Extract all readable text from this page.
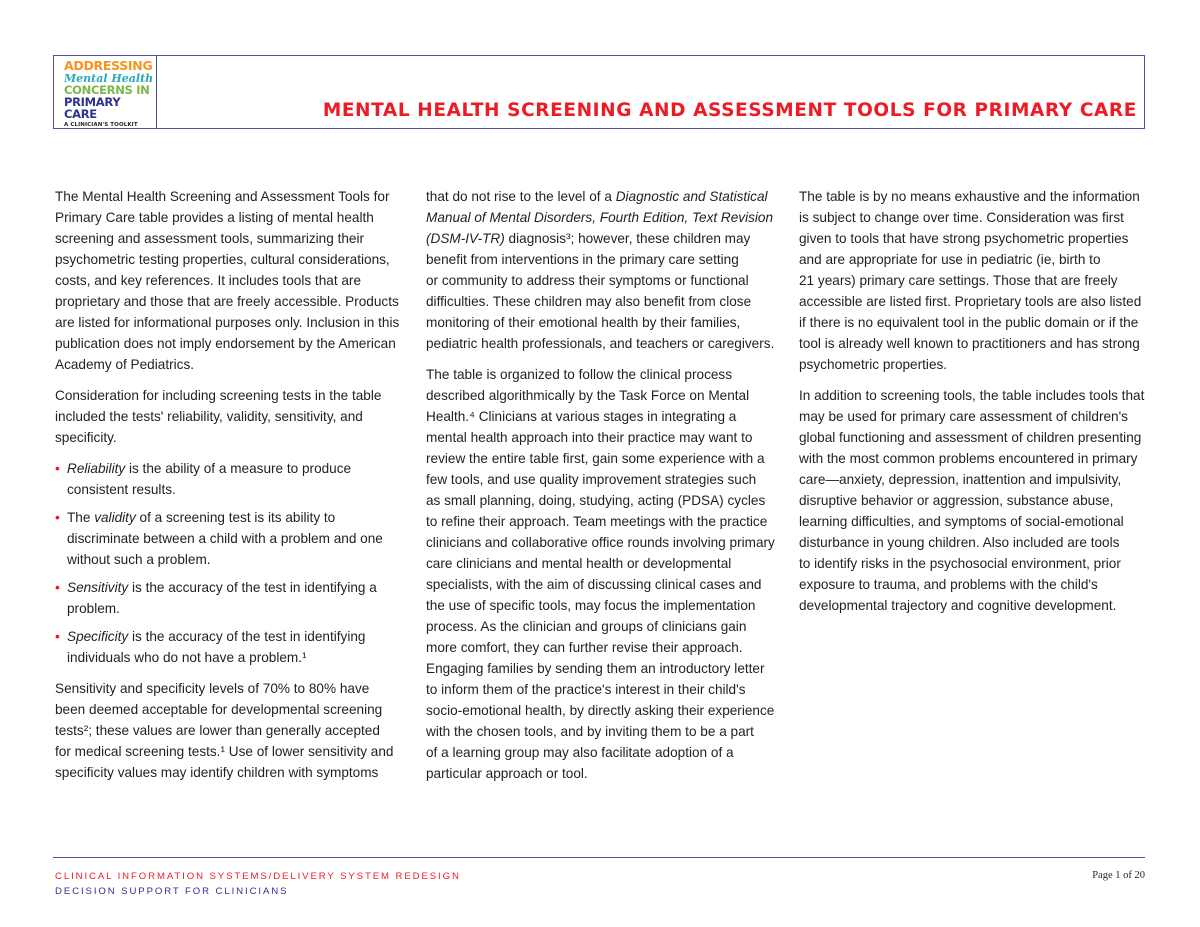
ADDRESSING
Mental Health
CONCERNS IN
PRIMARY CARE
A CLINICIAN'S TOOLKIT
MENTAL HEALTH SCREENING AND ASSESSMENT TOOLS FOR PRIMARY CARE

The Mental Health Screening and Assessment Tools for
Primary Care table provides a listing of mental health
screening and assessment tools, summarizing their
psychometric testing properties, cultural considerations,
costs, and key references. It includes tools that are
proprietary and those that are freely accessible. Products
are listed for informational purposes only. Inclusion in this
publication does not imply endorsement by the American
Academy of Pediatrics.

Consideration for including screening tests in the table
included the tests' reliability, validity, sensitivity, and
specificity.

• Reliability is the ability of a measure to produce
consistent results.
• The validity of a screening test is its ability to
discriminate between a child with a problem and one
without such a problem.
• Sensitivity is the accuracy of the test in identifying a
problem.
• Specificity is the accuracy of the test in identifying
individuals who do not have a problem.¹

Sensitivity and specificity levels of 70% to 80% have
been deemed acceptable for developmental screening
tests²; these values are lower than generally accepted
for medical screening tests.¹ Use of lower sensitivity and
specificity values may identify children with symptoms

that do not rise to the level of a Diagnostic and Statistical
Manual of Mental Disorders, Fourth Edition, Text Revision
(DSM-IV-TR) diagnosis³; however, these children may
benefit from interventions in the primary care setting
or community to address their symptoms or functional
difficulties. These children may also benefit from close
monitoring of their emotional health by their families,
pediatric health professionals, and teachers or caregivers.

The table is organized to follow the clinical process
described algorithmically by the Task Force on Mental
Health.⁴ Clinicians at various stages in integrating a
mental health approach into their practice may want to
review the entire table first, gain some experience with a
few tools, and use quality improvement strategies such
as small planning, doing, studying, acting (PDSA) cycles
to refine their approach. Team meetings with the practice
clinicians and collaborative office rounds involving primary
care clinicians and mental health or developmental
specialists, with the aim of discussing clinical cases and
the use of specific tools, may focus the implementation
process. As the clinician and groups of clinicians gain
more comfort, they can further revise their approach.
Engaging families by sending them an introductory letter
to inform them of the practice's interest in their child's
socio-emotional health, by directly asking their experience
with the chosen tools, and by inviting them to be a part
of a learning group may also facilitate adoption of a
particular approach or tool.

The table is by no means exhaustive and the information
is subject to change over time. Consideration was first
given to tools that have strong psychometric properties
and are appropriate for use in pediatric (ie, birth to
21 years) primary care settings. Those that are freely
accessible are listed first. Proprietary tools are also listed
if there is no equivalent tool in the public domain or if the
tool is already well known to practitioners and has strong
psychometric properties.

In addition to screening tools, the table includes tools that
may be used for primary care assessment of children's
global functioning and assessment of children presenting
with the most common problems encountered in primary
care—anxiety, depression, inattention and impulsivity,
disruptive behavior or aggression, substance abuse,
learning difficulties, and symptoms of social-emotional
disturbance in young children. Also included are tools
to identify risks in the psychosocial environment, prior
exposure to trauma, and problems with the child's
developmental trajectory and cognitive development.

CLINICAL INFORMATION SYSTEMS/DELIVERY SYSTEM REDESIGN
DECISION SUPPORT FOR CLINICIANS
Page 1 of 20
